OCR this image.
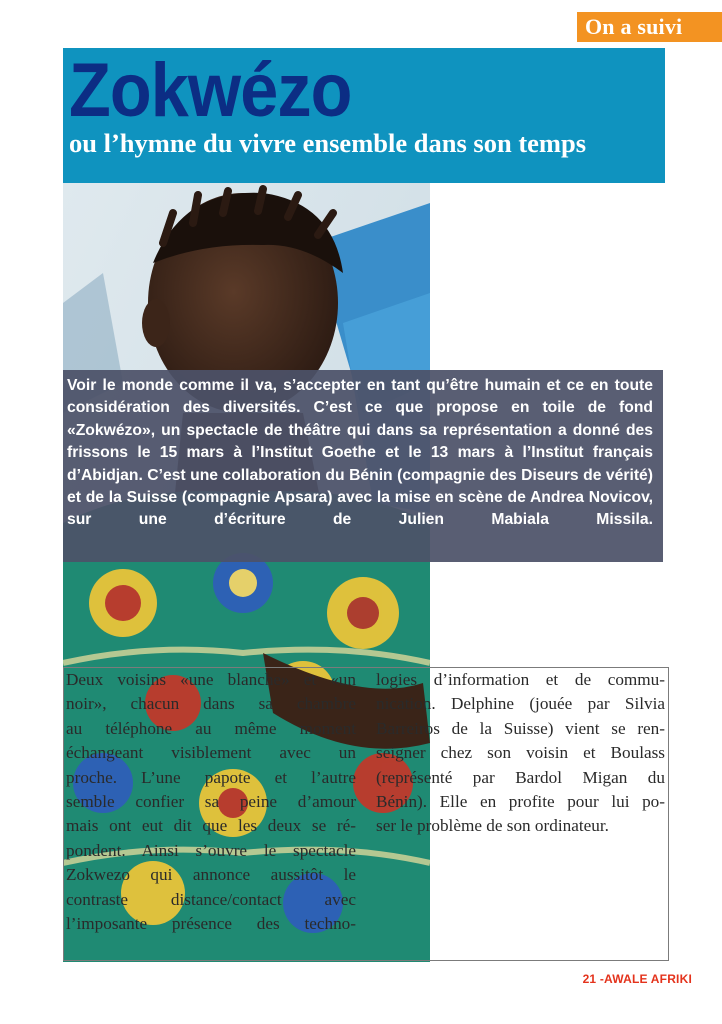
On a suivi
Zokwézo
ou l’hymne du vivre ensemble dans son temps

Voir le monde comme il va, s’accepter en tant qu’être humain et ce en toute considération des diversités. C’est ce que propose en toile de fond «Zokwézo», un spectacle de théâtre qui dans sa représentation a donné des frissons le 15 mars à l’Institut Goethe et le 13 mars à l’Institut français d’Abidjan. C’est une collaboration du Bénin (compagnie des Diseurs de vérité) et de la Suisse (compagnie Apsara) avec la mise en scène de Andrea Novicov, sur une d’écriture de Julien Mabiala Missila.

Deux voisins «une blanche» et «un
noir», chacun dans sa chambre
au téléphone au même moment
échangeant visiblement avec un
proche. L’une papote et l’autre
semble confier sa peine d’amour
mais ont eut dit que les deux se ré-
pondent. Ainsi s’ouvre le spectacle
Zokwezo qui annonce aussitôt le
contraste distance/contact avec
l’imposante présence des techno-
logies d’information et de commu-
nication. Delphine (jouée par Silvia
Barreiros de la Suisse) vient se ren-
seigner chez son voisin et Boulass
(représenté par Bardol Migan du
Bénin). Elle en profite pour lui po-
ser le problème de son ordinateur.
21 -AWALE AFRIKI
